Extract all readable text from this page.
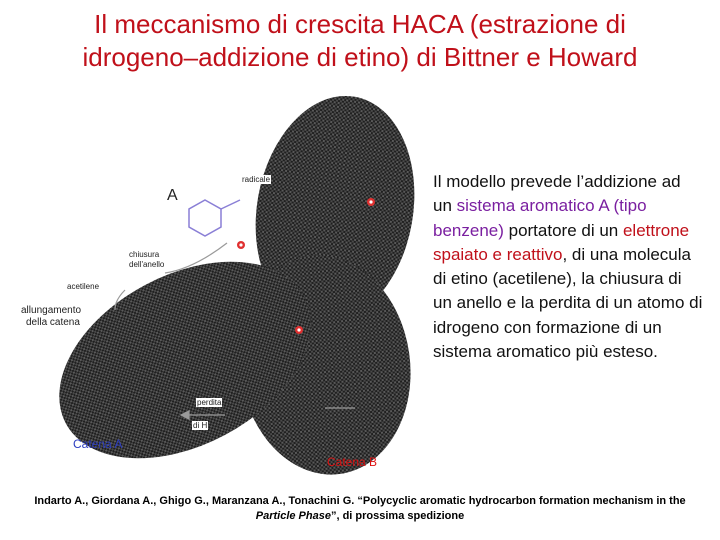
Il meccanismo di crescita HACA (estrazione di
idrogeno–addizione di etino) di Bittner e Howard
A
radicale
chiusura
dell'anello
acetilene
allungamento
della catena
perdita
di H
Catena A
Catena B
Il modello prevede l’addizione ad un sistema aromatico A (tipo benzene) portatore di un elettrone spaiato e reattivo, di una molecula di etino (acetilene), la chiusura di un anello e la perdita di un atomo di idrogeno con formazione di un sistema aromatico più esteso.
Indarto A., Giordana A., Ghigo G., Maranzana A., Tonachini G. “Polycyclic aromatic hydrocarbon formation mechanism in the Particle Phase”, di prossima spedizione
